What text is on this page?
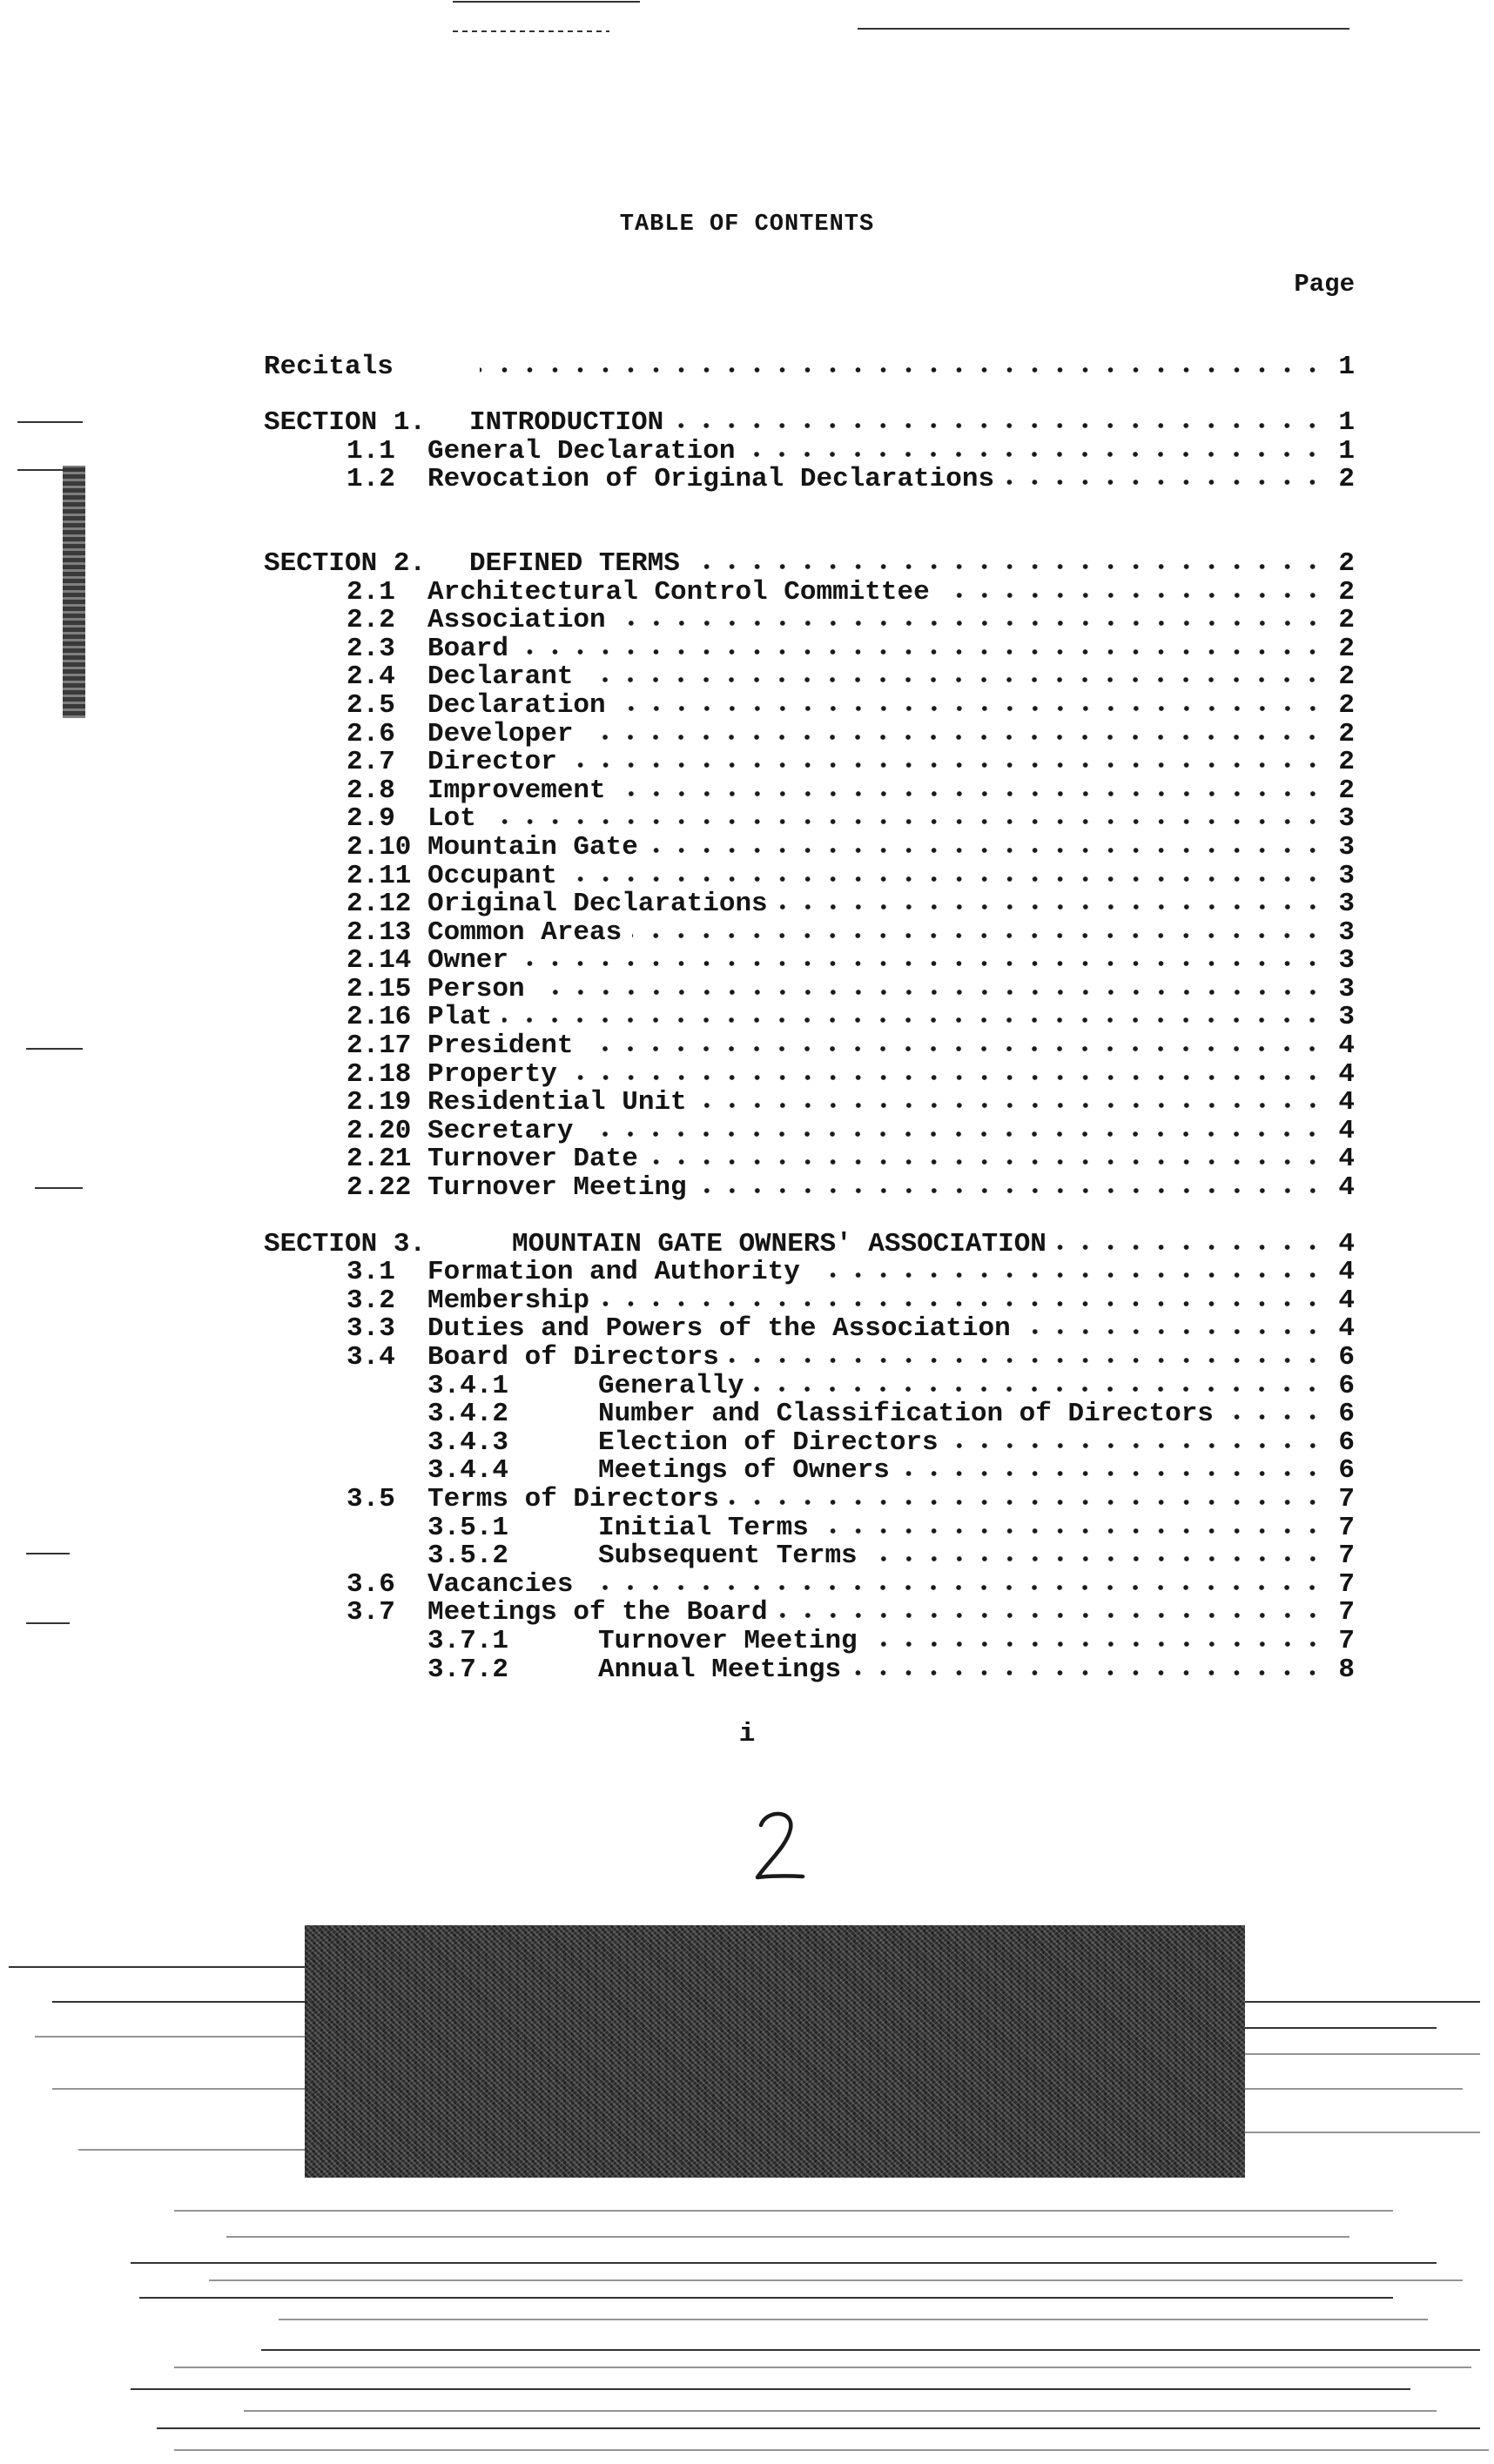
TABLE OF CONTENTS
Page
Recitals	1
SECTION 1.	INTRODUCTION	1
1.1	General Declaration	1
1.2	Revocation of Original Declarations	2
SECTION 2.	DEFINED TERMS	2
2.1	Architectural Control Committee	2
2.2	Association	2
2.3	Board	2
2.4	Declarant	2
2.5	Declaration	2
2.6	Developer	2
2.7	Director	2
2.8	Improvement	2
2.9	Lot	3
2.10 Mountain Gate	3
2.11 Occupant	3
2.12 Original Declarations	3
2.13 Common Areas	3
2.14 Owner	3
2.15 Person	3
2.16 Plat	3
2.17 President	4
2.18 Property	4
2.19 Residential Unit	4
2.20 Secretary	4
2.21 Turnover Date	4
2.22 Turnover Meeting	4
SECTION 3.	MOUNTAIN GATE OWNERS' ASSOCIATION	4
3.1	Formation and Authority	4
3.2	Membership	4
3.3	Duties and Powers of the Association	4
3.4	Board of Directors	6
3.4.1	Generally	6
3.4.2	Number and Classification of Directors	6
3.4.3	Election of Directors	6
3.4.4	Meetings of Owners	6
3.5	Terms of Directors	7
3.5.1	Initial Terms	7
3.5.2	Subsequent Terms	7
3.6	Vacancies	7
3.7	Meetings of the Board	7
3.7.1	Turnover Meeting	7
3.7.2	Annual Meetings	8
i
